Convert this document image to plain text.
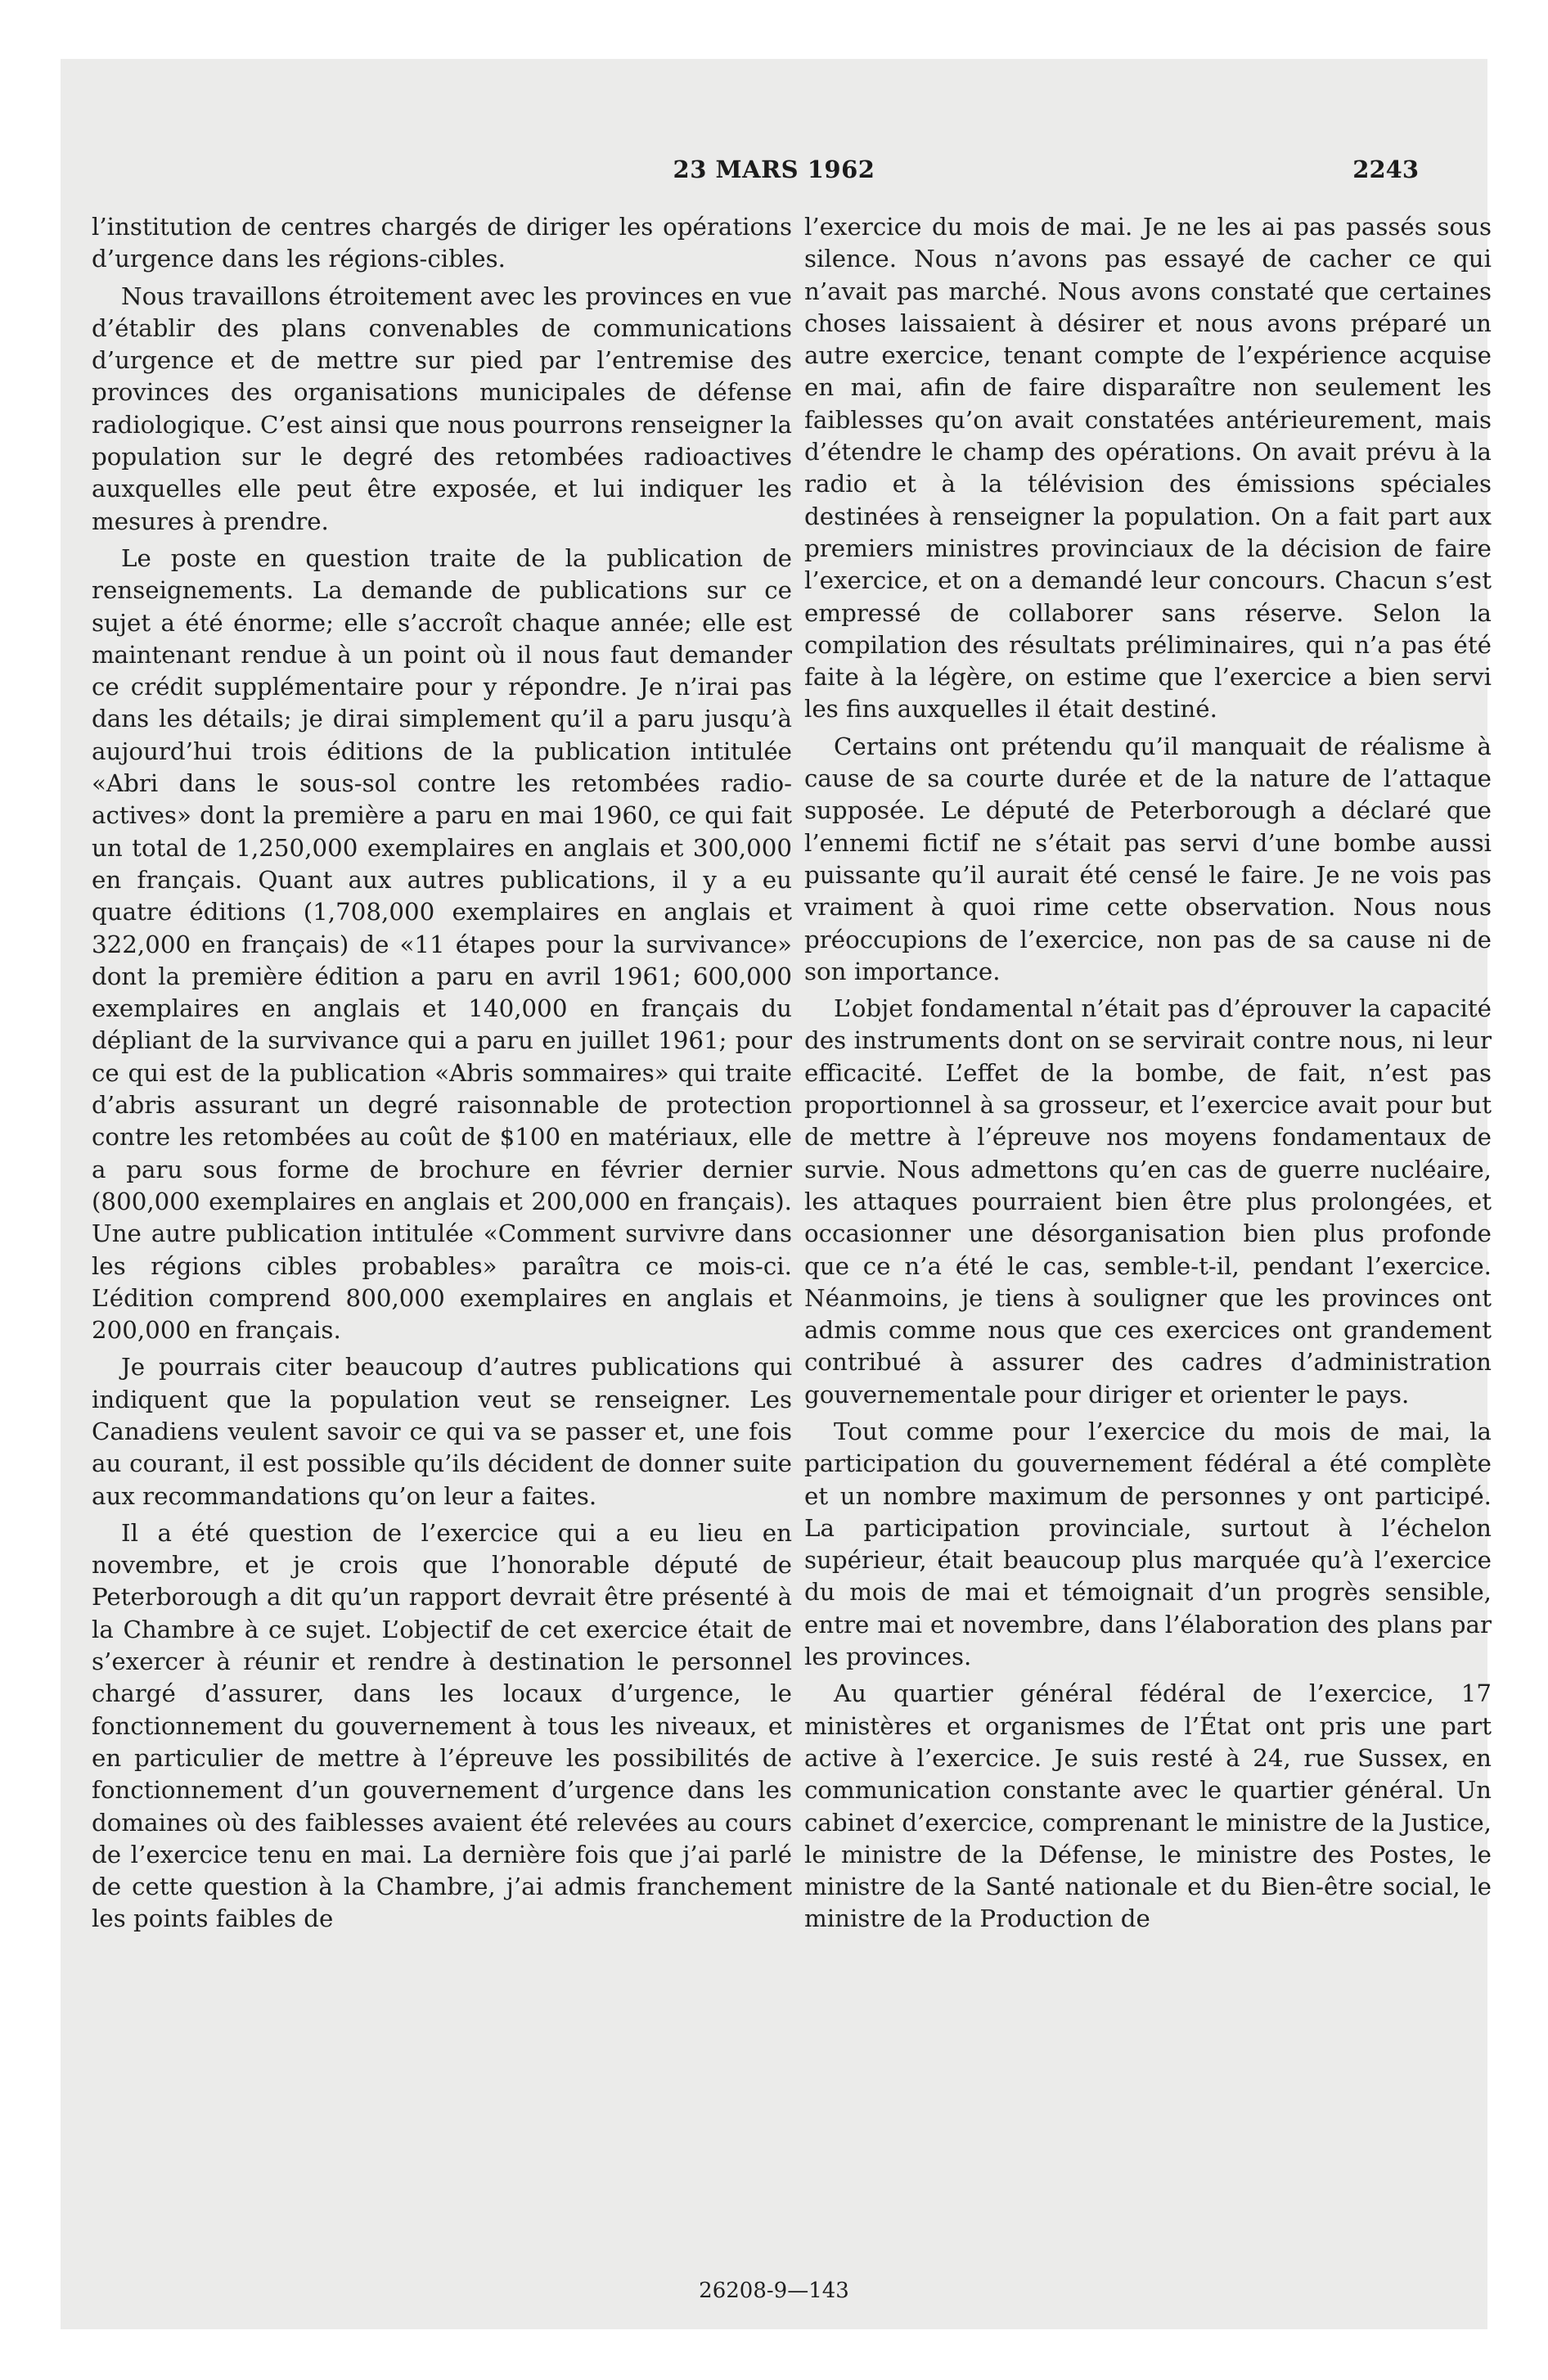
23 MARS 1962	2243

l’institution de centres chargés de diriger les opérations d’urgence dans les régions-cibles.

Nous travaillons étroitement avec les provinces en vue d’établir des plans convenables de communications d’urgence et de mettre sur pied par l’entremise des provinces des organisations municipales de défense radiologique. C’est ainsi que nous pourrons renseigner la population sur le degré des retombées radioactives auxquelles elle peut être exposée, et lui indiquer les mesures à prendre.

Le poste en question traite de la publication de renseignements. La demande de publications sur ce sujet a été énorme; elle s’accroît chaque année; elle est maintenant rendue à un point où il nous faut demander ce crédit supplémentaire pour y répondre. Je n’irai pas dans les détails; je dirai simplement qu’il a paru jusqu’à aujourd’hui trois éditions de la publication intitulée «Abri dans le sous-sol contre les retombées radio-actives» dont la première a paru en mai 1960, ce qui fait un total de 1,250,000 exemplaires en anglais et 300,000 en français. Quant aux autres publications, il y a eu quatre éditions (1,708,000 exemplaires en anglais et 322,000 en français) de «11 étapes pour la survivance» dont la première édition a paru en avril 1961; 600,000 exemplaires en anglais et 140,000 en français du dépliant de la survivance qui a paru en juillet 1961; pour ce qui est de la publication «Abris sommaires» qui traite d’abris assurant un degré raisonnable de protection contre les retombées au coût de $100 en matériaux, elle a paru sous forme de brochure en février dernier (800,000 exemplaires en anglais et 200,000 en français). Une autre publication intitulée «Comment survivre dans les régions cibles probables» paraîtra ce mois-ci. L’édition comprend 800,000 exemplaires en anglais et 200,000 en français.

Je pourrais citer beaucoup d’autres publications qui indiquent que la population veut se renseigner. Les Canadiens veulent savoir ce qui va se passer et, une fois au courant, il est possible qu’ils décident de donner suite aux recommandations qu’on leur a faites.

Il a été question de l’exercice qui a eu lieu en novembre, et je crois que l’honorable député de Peterborough a dit qu’un rapport devrait être présenté à la Chambre à ce sujet. L’objectif de cet exercice était de s’exercer à réunir et rendre à destination le personnel chargé d’assurer, dans les locaux d’urgence, le fonctionnement du gouvernement à tous les niveaux, et en particulier de mettre à l’épreuve les possibilités de fonctionnement d’un gouvernement d’urgence dans les domaines où des faiblesses avaient été relevées au cours de l’exercice tenu en mai. La dernière fois que j’ai parlé de cette question à la Chambre, j’ai admis franchement les points faibles de

l’exercice du mois de mai. Je ne les ai pas passés sous silence. Nous n’avons pas essayé de cacher ce qui n’avait pas marché. Nous avons constaté que certaines choses laissaient à désirer et nous avons préparé un autre exercice, tenant compte de l’expérience acquise en mai, afin de faire disparaître non seulement les faiblesses qu’on avait constatées antérieurement, mais d’étendre le champ des opérations. On avait prévu à la radio et à la télévision des émissions spéciales destinées à renseigner la population. On a fait part aux premiers ministres provinciaux de la décision de faire l’exercice, et on a demandé leur concours. Chacun s’est empressé de collaborer sans réserve. Selon la compilation des résultats préliminaires, qui n’a pas été faite à la légère, on estime que l’exercice a bien servi les fins auxquelles il était destiné.

Certains ont prétendu qu’il manquait de réalisme à cause de sa courte durée et de la nature de l’attaque supposée. Le député de Peterborough a déclaré que l’ennemi fictif ne s’était pas servi d’une bombe aussi puissante qu’il aurait été censé le faire. Je ne vois pas vraiment à quoi rime cette observation. Nous nous préoccupions de l’exercice, non pas de sa cause ni de son importance.

L’objet fondamental n’était pas d’éprouver la capacité des instruments dont on se servirait contre nous, ni leur efficacité. L’effet de la bombe, de fait, n’est pas proportionnel à sa grosseur, et l’exercice avait pour but de mettre à l’épreuve nos moyens fondamentaux de survie. Nous admettons qu’en cas de guerre nucléaire, les attaques pourraient bien être plus prolongées, et occasionner une désorganisation bien plus profonde que ce n’a été le cas, semble-t-il, pendant l’exercice. Néanmoins, je tiens à souligner que les provinces ont admis comme nous que ces exercices ont grandement contribué à assurer des cadres d’administration gouvernementale pour diriger et orienter le pays.

Tout comme pour l’exercice du mois de mai, la participation du gouvernement fédéral a été complète et un nombre maximum de personnes y ont participé. La participation provinciale, surtout à l’échelon supérieur, était beaucoup plus marquée qu’à l’exercice du mois de mai et témoignait d’un progrès sensible, entre mai et novembre, dans l’élaboration des plans par les provinces.

Au quartier général fédéral de l’exercice, 17 ministères et organismes de l’État ont pris une part active à l’exercice. Je suis resté à 24, rue Sussex, en communication constante avec le quartier général. Un cabinet d’exercice, comprenant le ministre de la Justice, le ministre de la Défense, le ministre des Postes, le ministre de la Santé nationale et du Bien-être social, le ministre de la Production de

26208-9—143
